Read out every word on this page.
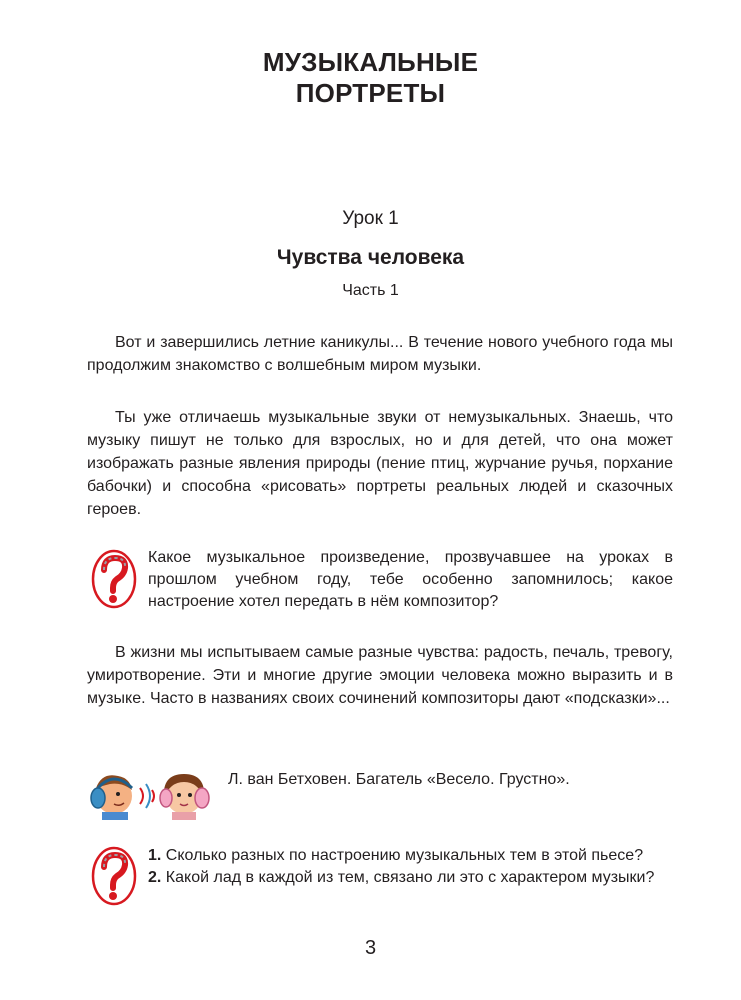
МУЗЫКАЛЬНЫЕ
ПОРТРЕТЫ
Урок 1
Чувства человека
Часть 1

Вот и завершились летние каникулы... В течение нового учебного года мы продолжим знакомство с волшебным миром музыки.

Ты уже отличаешь музыкальные звуки от немузыкальных. Знаешь, что музыку пишут не только для взрослых, но и для детей, что она может изображать разные явления природы (пение птиц, журчание ручья, порхание бабочки) и способна «рисовать» портреты реальных людей и сказочных героев.

Какое музыкальное произведение, прозвучавшее на уроках в прошлом учебном году, тебе особенно запомнилось; какое настроение хотел передать в нём композитор?

В жизни мы испытываем самые разные чувства: радость, печаль, тревогу, умиротворение. Эти и многие другие эмоции человека можно выразить и в музыке. Часто в названиях своих сочинений композиторы дают «подсказки»...

Л. ван Бетховен. Багатель «Весело. Грустно».
1. Сколько разных по настроению музыкальных тем в этой пьесе?
2. Какой лад в каждой из тем, связано ли это с характером музыки?
3
